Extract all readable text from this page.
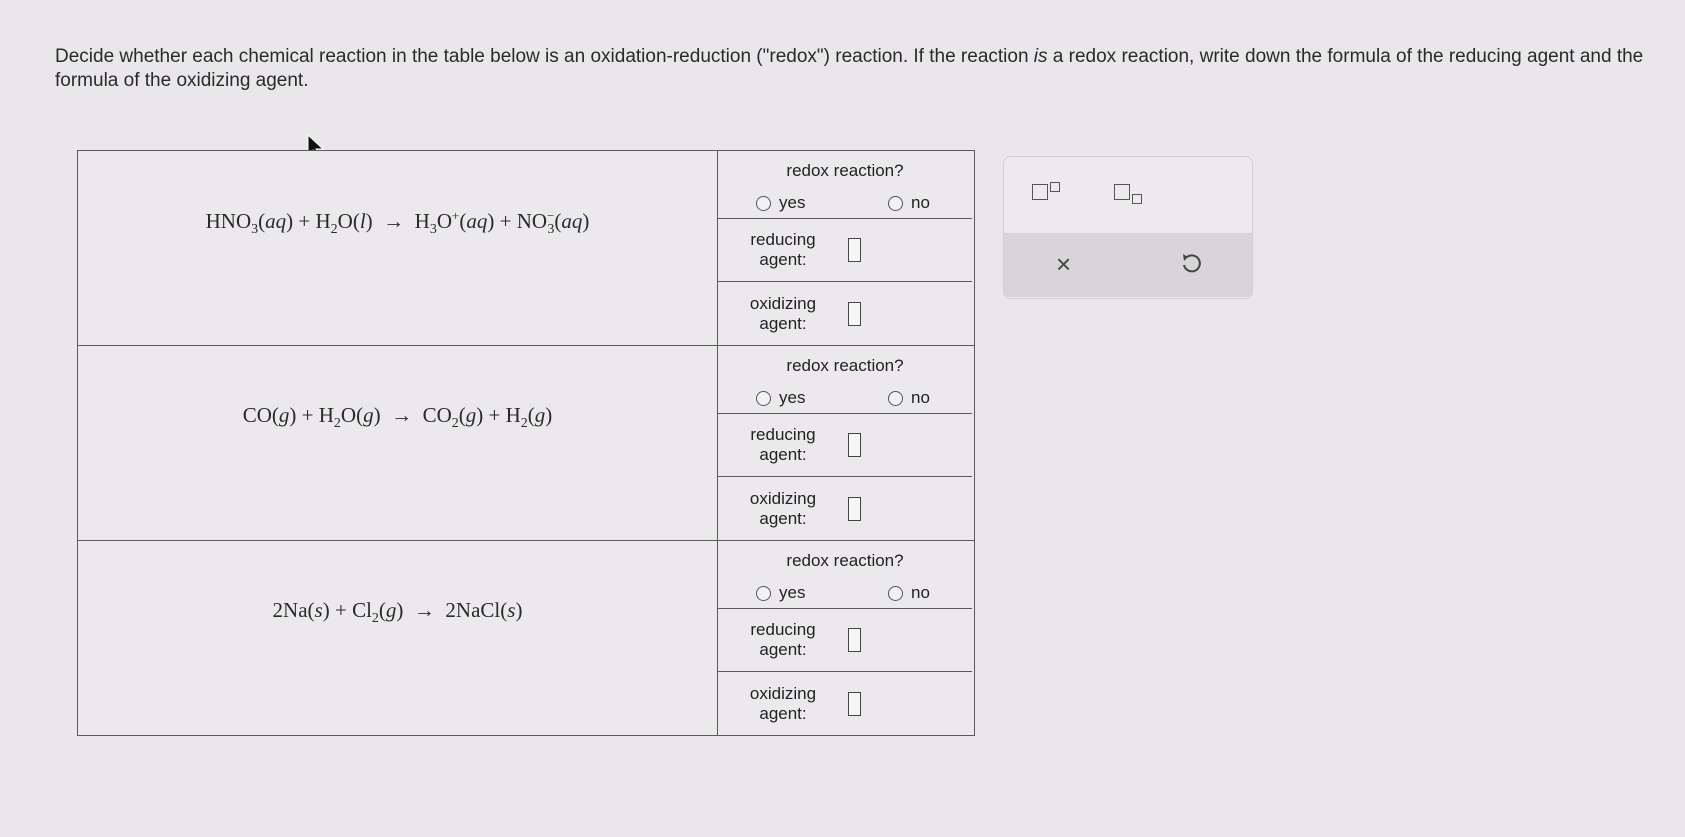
Decide whether each chemical reaction in the table below is an oxidation-reduction ("redox") reaction. If the reaction is a redox reaction, write down the formula of the reducing agent and the formula of the oxidizing agent.
$HNO_3(aq) + H_2O(l) \to H_3O^+(aq) + NO^-_3(aq)$
redox reaction?
yes	no
reducing
agent:
oxidizing
agent:
$CO(g) + H_2O(g) \to CO_2(g) + H_2(g)$
redox reaction?
yes	no
reducing
agent:
oxidizing
agent:
$2Na(s) + Cl_2(g)$  → 2NaCl(s)
redox reaction?
yes	no
reducing
agent:
oxidizing
agent:
×
